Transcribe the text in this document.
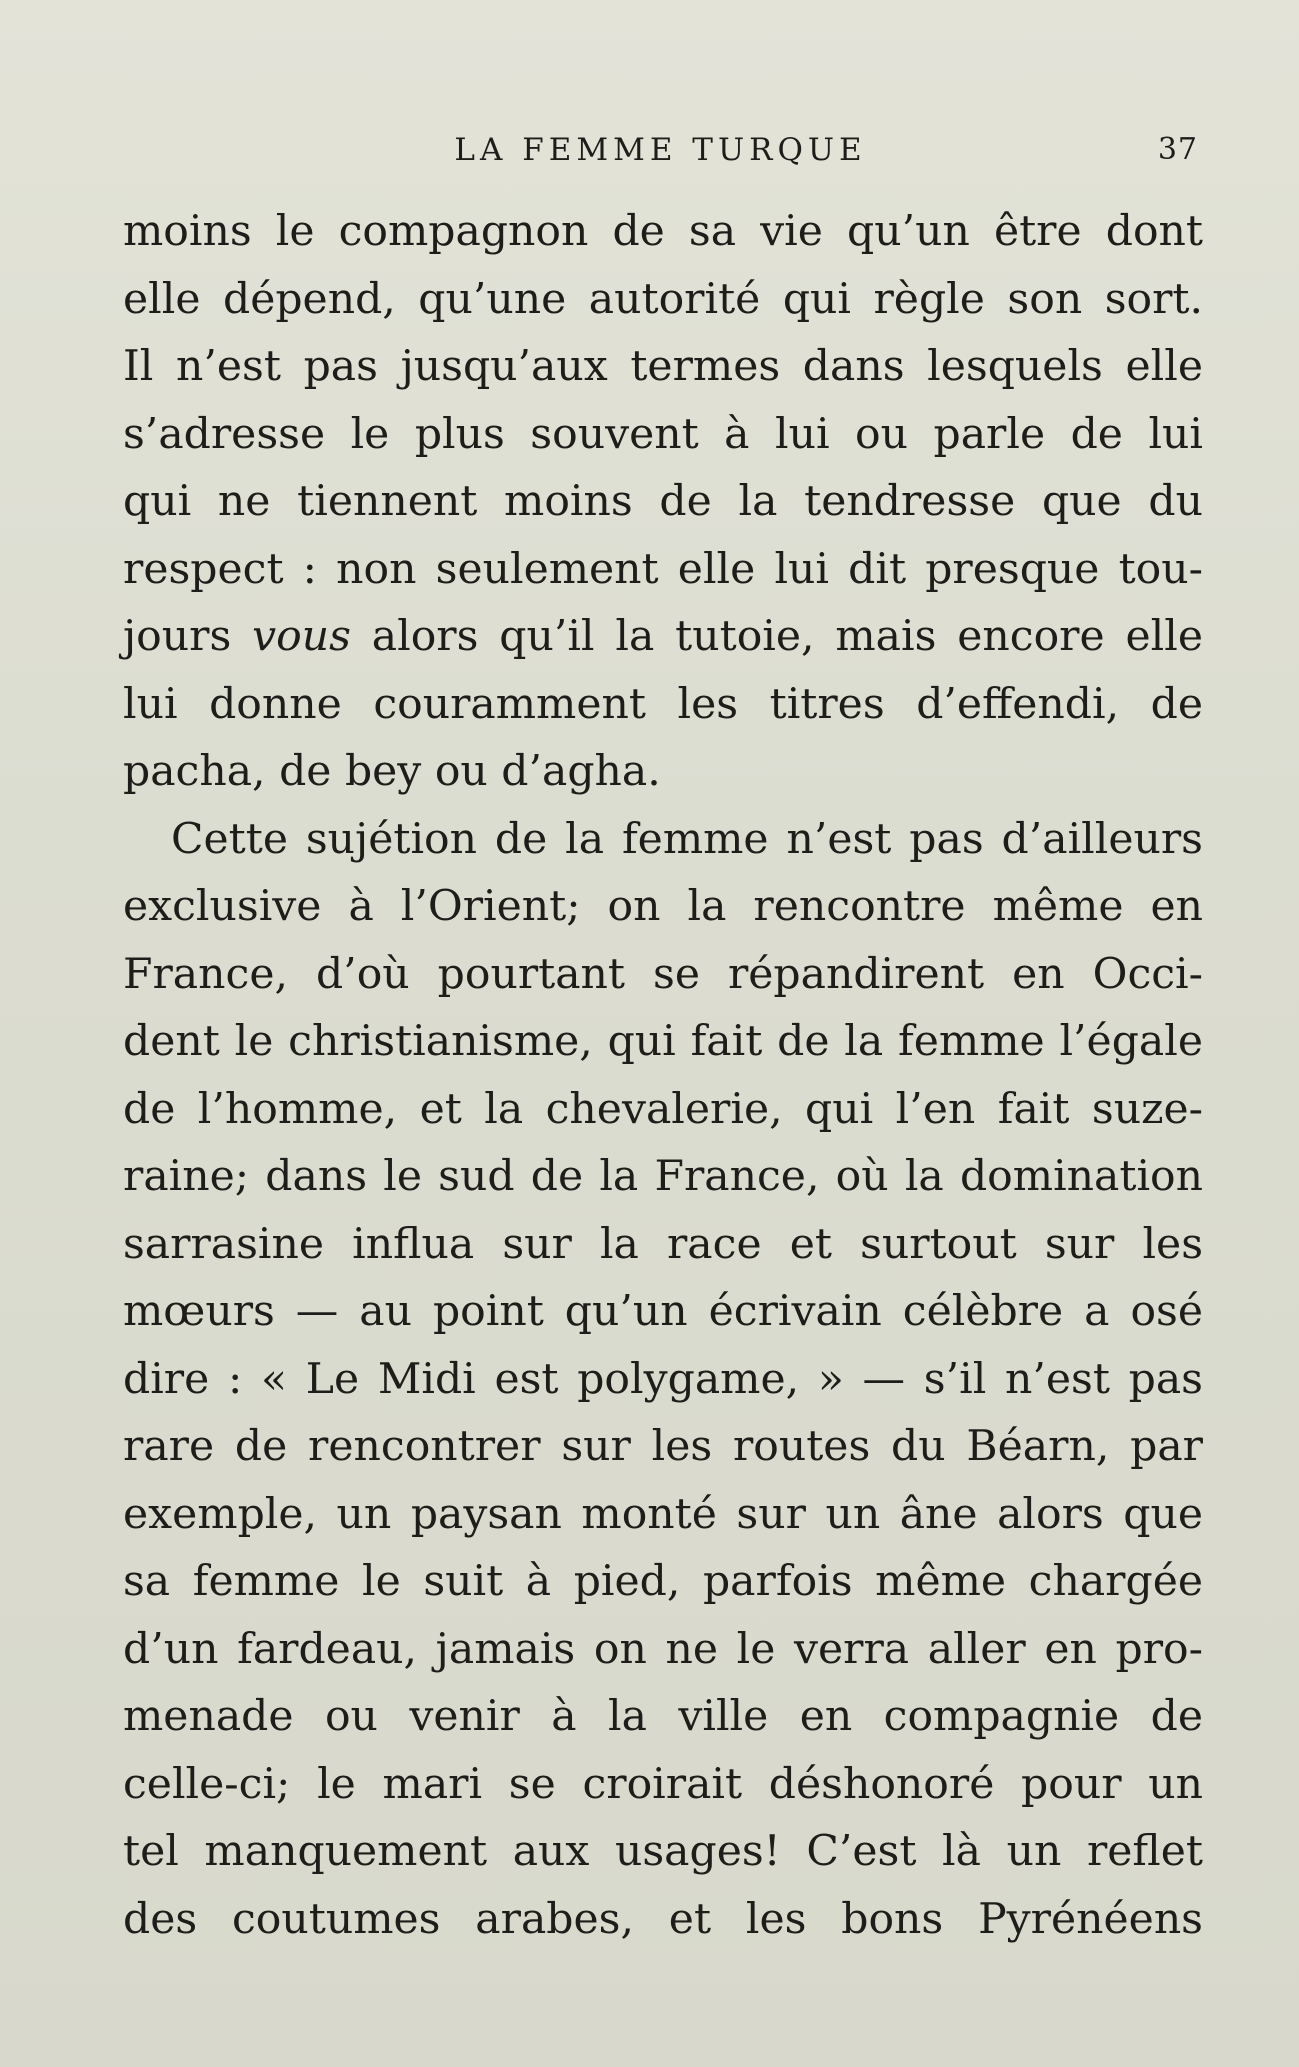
LA FEMME TURQUE	37
moins le compagnon de sa vie qu’un être dont
elle dépend, qu’une autorité qui règle son sort.
Il n’est pas jusqu’aux termes dans lesquels elle
s’adresse le plus souvent à lui ou parle de lui
qui ne tiennent moins de la tendresse que du
respect : non seulement elle lui dit presque tou-
jours vous alors qu’il la tutoie, mais encore elle
lui donne couramment les titres d’effendi, de
pacha, de bey ou d’agha.
Cette sujétion de la femme n’est pas d’ailleurs
exclusive à l’Orient; on la rencontre même en
France, d’où pourtant se répandirent en Occi-
dent le christianisme, qui fait de la femme l’égale
de l’homme, et la chevalerie, qui l’en fait suze-
raine; dans le sud de la France, où la domination
sarrasine influa sur la race et surtout sur les
mœurs — au point qu’un écrivain célèbre a osé
dire : « Le Midi est polygame, » — s’il n’est pas
rare de rencontrer sur les routes du Béarn, par
exemple, un paysan monté sur un âne alors que
sa femme le suit à pied, parfois même chargée
d’un fardeau, jamais on ne le verra aller en pro-
menade ou venir à la ville en compagnie de
celle-ci; le mari se croirait déshonoré pour un
tel manquement aux usages! C’est là un reflet
des coutumes arabes, et les bons Pyrénéens
